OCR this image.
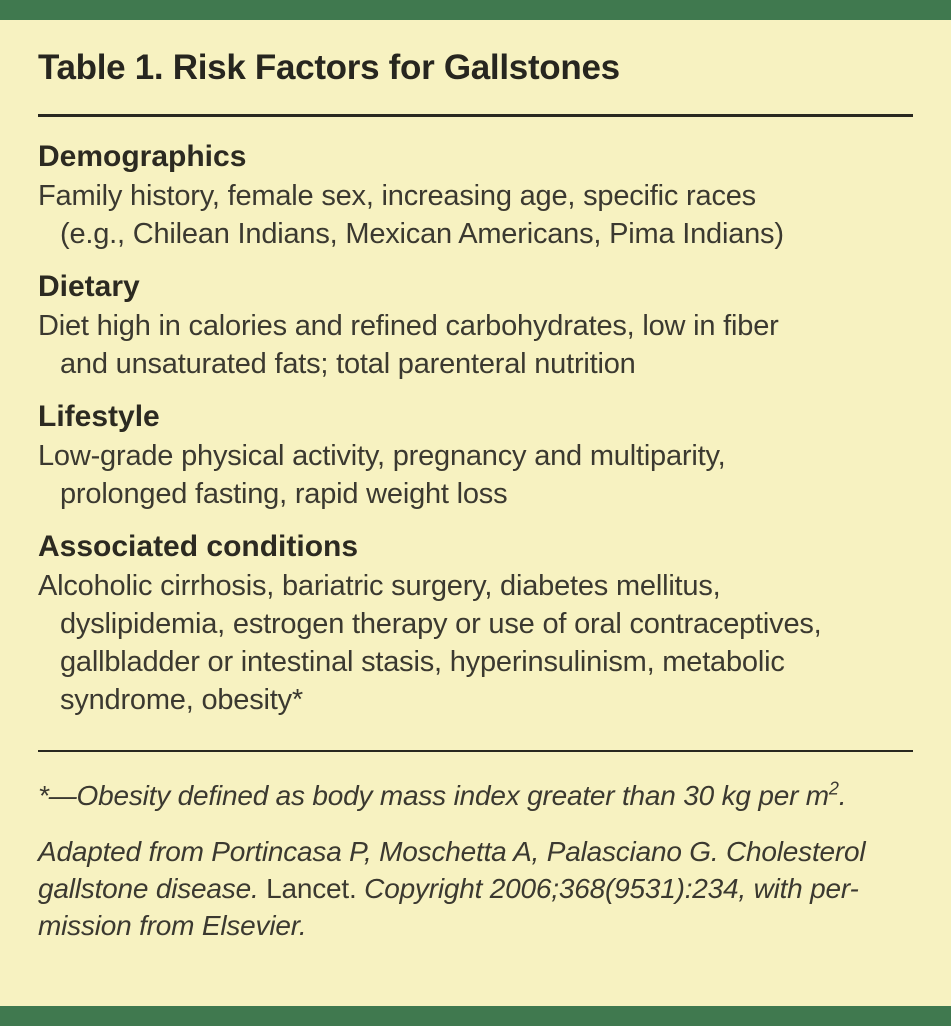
Table 1. Risk Factors for Gallstones
Demographics
Family history, female sex, increasing age, specific races
(e.g., Chilean Indians, Mexican Americans, Pima Indians)
Dietary
Diet high in calories and refined carbohydrates, low in fiber
and unsaturated fats; total parenteral nutrition
Lifestyle
Low-grade physical activity, pregnancy and multiparity,
prolonged fasting, rapid weight loss
Associated conditions
Alcoholic cirrhosis, bariatric surgery, diabetes mellitus,
dyslipidemia, estrogen therapy or use of oral contraceptives,
gallbladder or intestinal stasis, hyperinsulinism, metabolic
syndrome, obesity*
*—Obesity defined as body mass index greater than 30 kg per $m^2$.
Adapted from Portincasa P, Moschetta A, Palasciano G. Cholesterol
gallstone disease. Lancet. Copyright 2006;368(9531):234, with per-
mission from Elsevier.
